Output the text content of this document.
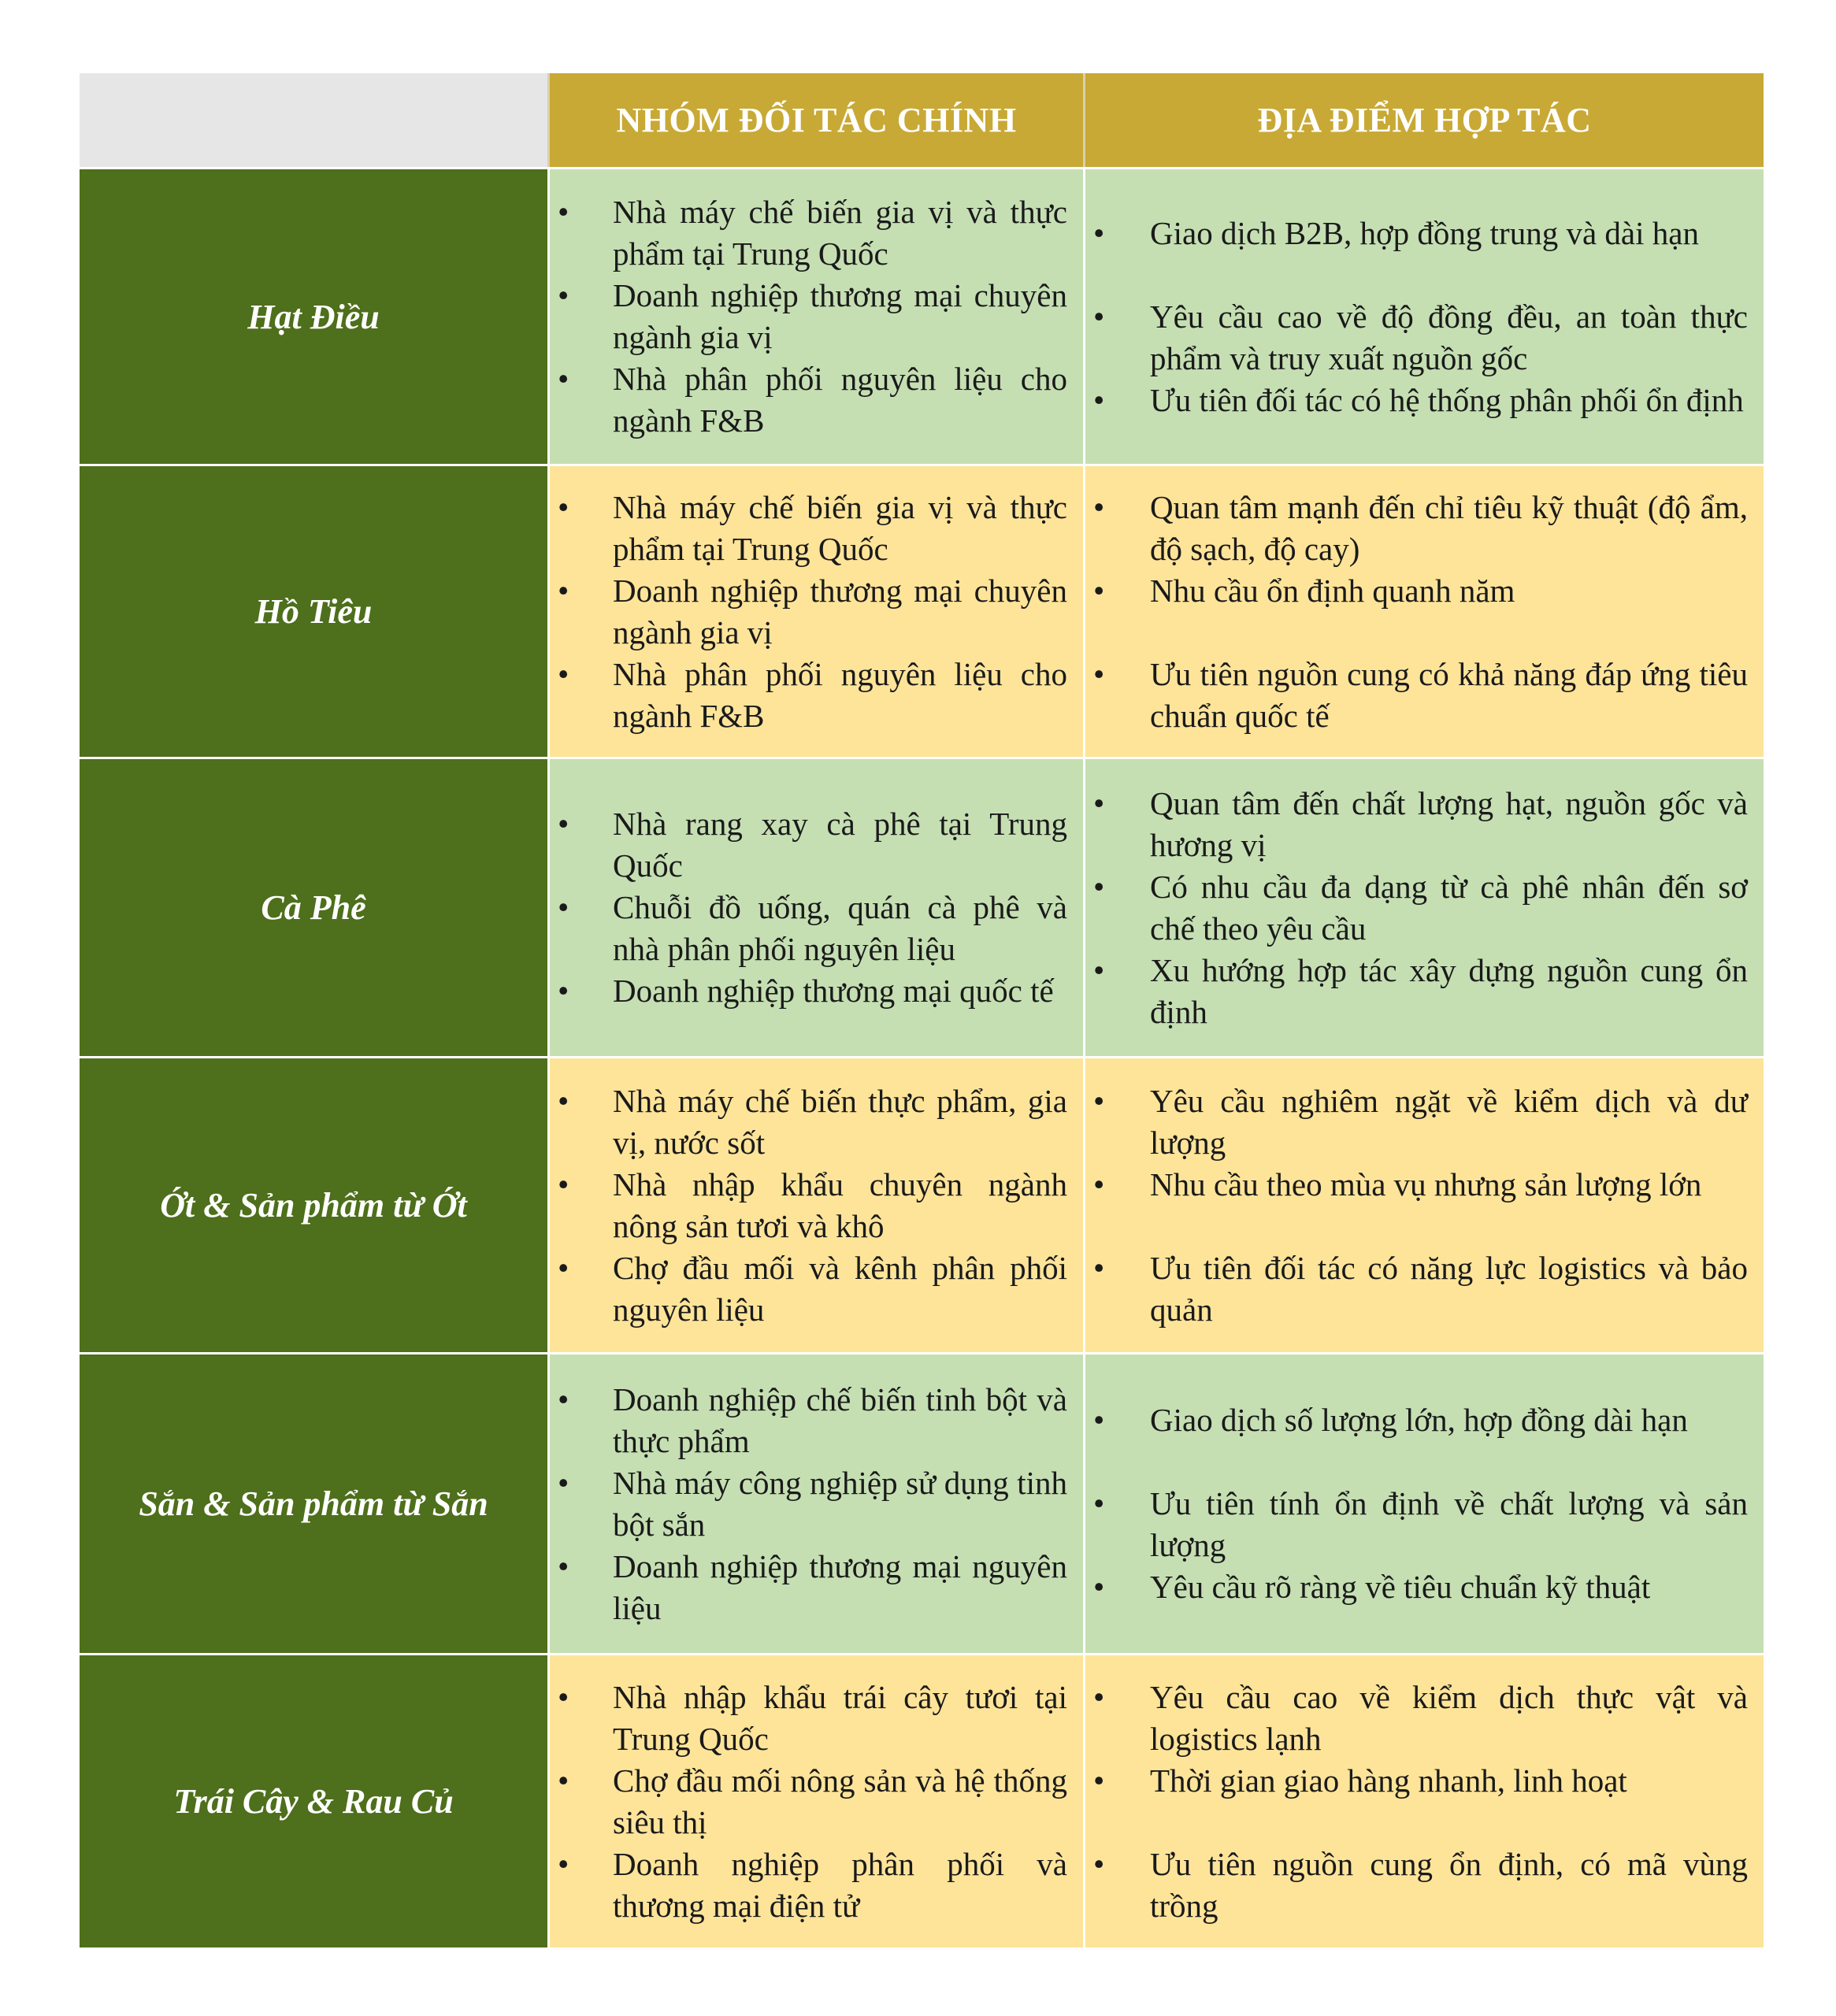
NHÓM ĐỐI TÁC CHÍNH	ĐỊA ĐIỂM HỢP TÁC
Hạt Điều
• Nhà máy chế biến gia vị và thực phẩm tại Trung Quốc
• Doanh nghiệp thương mại chuyên ngành gia vị
• Nhà phân phối nguyên liệu cho ngành F&B
• Giao dịch B2B, hợp đồng trung và dài hạn
• Yêu cầu cao về độ đồng đều, an toàn thực phẩm và truy xuất nguồn gốc
• Ưu tiên đối tác có hệ thống phân phối ổn định
Hồ Tiêu
• Nhà máy chế biến gia vị và thực phẩm tại Trung Quốc
• Doanh nghiệp thương mại chuyên ngành gia vị
• Nhà phân phối nguyên liệu cho ngành F&B
• Quan tâm mạnh đến chỉ tiêu kỹ thuật (độ ẩm, độ sạch, độ cay)
• Nhu cầu ổn định quanh năm
• Ưu tiên nguồn cung có khả năng đáp ứng tiêu chuẩn quốc tế
Cà Phê
• Nhà rang xay cà phê tại Trung Quốc
• Chuỗi đồ uống, quán cà phê và nhà phân phối nguyên liệu
• Doanh nghiệp thương mại quốc tế
• Quan tâm đến chất lượng hạt, nguồn gốc và hương vị
• Có nhu cầu đa dạng từ cà phê nhân đến sơ chế theo yêu cầu
• Xu hướng hợp tác xây dựng nguồn cung ổn định
Ớt & Sản phẩm từ Ớt
• Nhà máy chế biến thực phẩm, gia vị, nước sốt
• Nhà nhập khẩu chuyên ngành nông sản tươi và khô
• Chợ đầu mối và kênh phân phối nguyên liệu
• Yêu cầu nghiêm ngặt về kiểm dịch và dư lượng
• Nhu cầu theo mùa vụ nhưng sản lượng lớn
• Ưu tiên đối tác có năng lực logistics và bảo quản
Sắn & Sản phẩm từ Sắn
• Doanh nghiệp chế biến tinh bột và thực phẩm
• Nhà máy công nghiệp sử dụng tinh bột sắn
• Doanh nghiệp thương mại nguyên liệu
• Giao dịch số lượng lớn, hợp đồng dài hạn
• Ưu tiên tính ổn định về chất lượng và sản lượng
• Yêu cầu rõ ràng về tiêu chuẩn kỹ thuật
Trái Cây & Rau Củ
• Nhà nhập khẩu trái cây tươi tại Trung Quốc
• Chợ đầu mối nông sản và hệ thống siêu thị
• Doanh nghiệp phân phối và thương mại điện tử
• Yêu cầu cao về kiểm dịch thực vật và logistics lạnh
• Thời gian giao hàng nhanh, linh hoạt
• Ưu tiên nguồn cung ổn định, có mã vùng trồng
